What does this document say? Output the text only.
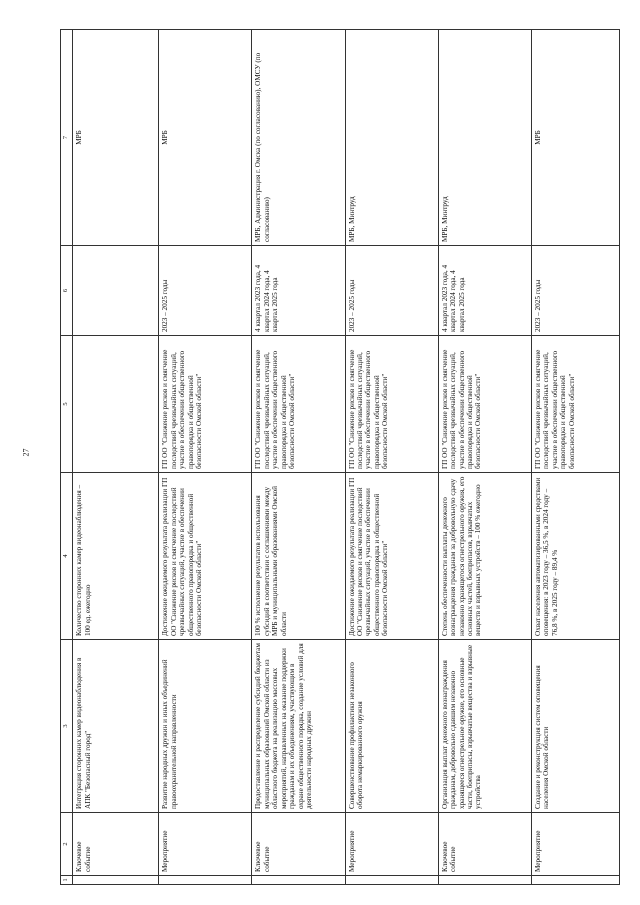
27
1	2	3	4	5	6	7
	Ключевое событие	Интеграция сторонних камер видеонаблюдения в АПК "Безопасный город"	Количество сторонних камер видеонаблюдения – 100 ед. ежегодно			МРБ
	Мероприятие	Развитие народных дружин и иных объединений правоохранительной направленности	Достижение ожидаемого результата реализации ГП ОО "Снижение рисков и смягчение последствий чрезвычайных ситуаций, участие в обеспечении общественного правопорядка и общественной безопасности Омской области"	ГП ОО "Снижение рисков и смягчение последствий чрезвычайных ситуаций, участие в обеспечении общественного правопорядка и общественной безопасности Омской области"	2023 – 2025 годы	МРБ
	Ключевое событие	Предоставление и распределение субсидий бюджетам муниципальных образований Омской области из областного бюджета на реализацию массовых мероприятий, направленных на оказание поддержки гражданам и их объединениям, участвующим в охране общественного порядка, создание условий для деятельности народных дружин	100 % исполнение результатов использования субсидий в соответствии с соглашениями между МРБ и муниципальными образованиями Омской области	ГП ОО "Снижение рисков и смягчение последствий чрезвычайных ситуаций, участие в обеспечении общественного правопорядка и общественной безопасности Омской области"	4 квартал 2023 года, 4 квартал 2024 года, 4 квартал 2025 года	МРБ, Администрация г. Омска (по согласованию), ОМСУ (по согласованию)
	Мероприятие	Совершенствование профилактики незаконного оборота немаркированного оружия	Достижение ожидаемого результата реализации ГП ОО "Снижение рисков и смягчение последствий чрезвычайных ситуаций, участие в обеспечении общественного правопорядка и общественной безопасности Омской области"	ГП ОО "Снижение рисков и смягчение последствий чрезвычайных ситуаций, участие в обеспечении общественного правопорядка и общественной безопасности Омской области"	2023 – 2025 годы	МРБ, Минтруд
	Ключевое событие	Организация выплат денежного вознаграждения гражданам, добровольно сдавшим незаконно хранящееся огнестрельное оружие, его основные части, боеприпасы, взрывчатые вещества и взрывные устройства	Степень обеспеченности выплаты денежного вознаграждения гражданам за добровольную сдачу незаконно хранящегося огнестрельного оружия, его основных частей, боеприпасов, взрывчатых веществ и взрывных устройств – 100 % ежегодно	ГП ОО "Снижение рисков и смягчение последствий чрезвычайных ситуаций, участие в обеспечении общественного правопорядка и общественной безопасности Омской области"	4 квартал 2023 года, 4 квартал 2024 года, 4 квартал 2025 года	МРБ, Минтруд
	Мероприятие	Создание и реконструкция систем оповещения населения Омской области	Охват населения автоматизированными средствами оповещения: в 2023 году – 36,5 %, в 2024 году – 76,8 %, в 2025 году – 89,4 %	ГП ОО "Снижение рисков и смягчение последствий чрезвычайных ситуаций, участие в обеспечении общественного правопорядка и общественной безопасности Омской области"	2023 – 2025 годы	МРБ
